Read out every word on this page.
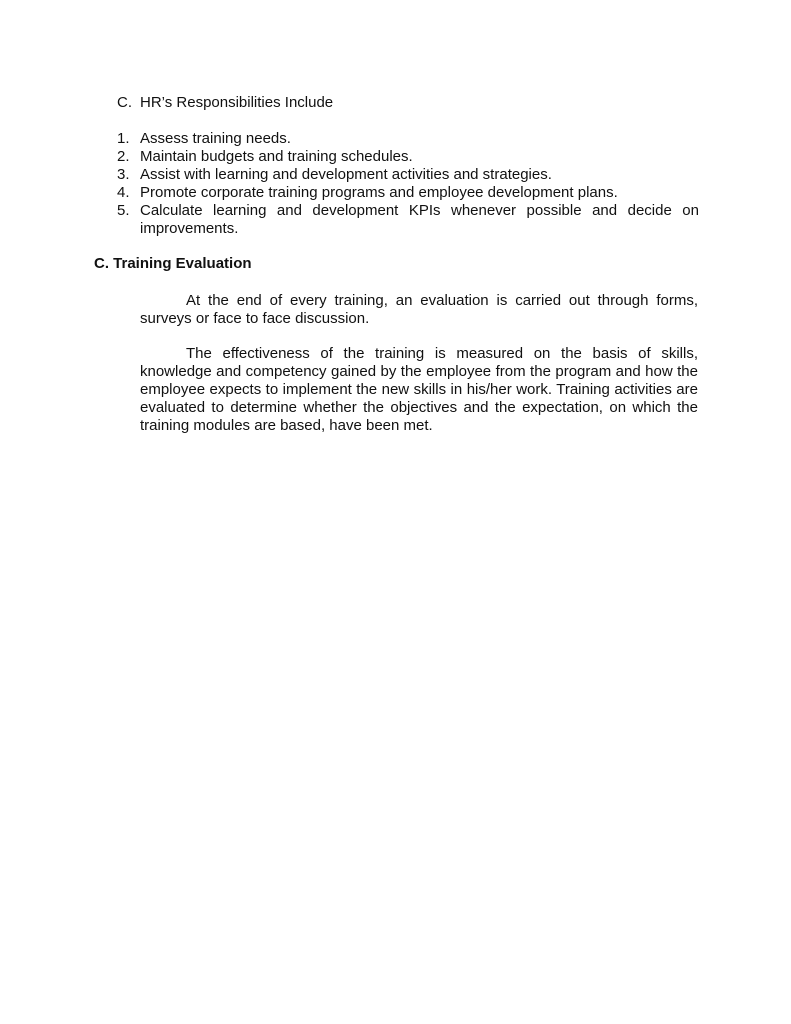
C. HR’s Responsibilities Include
1. Assess training needs.
2. Maintain budgets and training schedules.
3. Assist with learning and development activities and strategies.
4. Promote corporate training programs and employee development plans.
5. Calculate learning and development KPIs whenever possible and decide on improvements.
C. Training Evaluation

At the end of every training, an evaluation is carried out through forms, surveys or face to face discussion.

The effectiveness of the training is measured on the basis of skills, knowledge and competency gained by the employee from the program and how the employee expects to implement the new skills in his/her work. Training activities are evaluated to determine whether the objectives and the expectation, on which the training modules are based, have been met.
